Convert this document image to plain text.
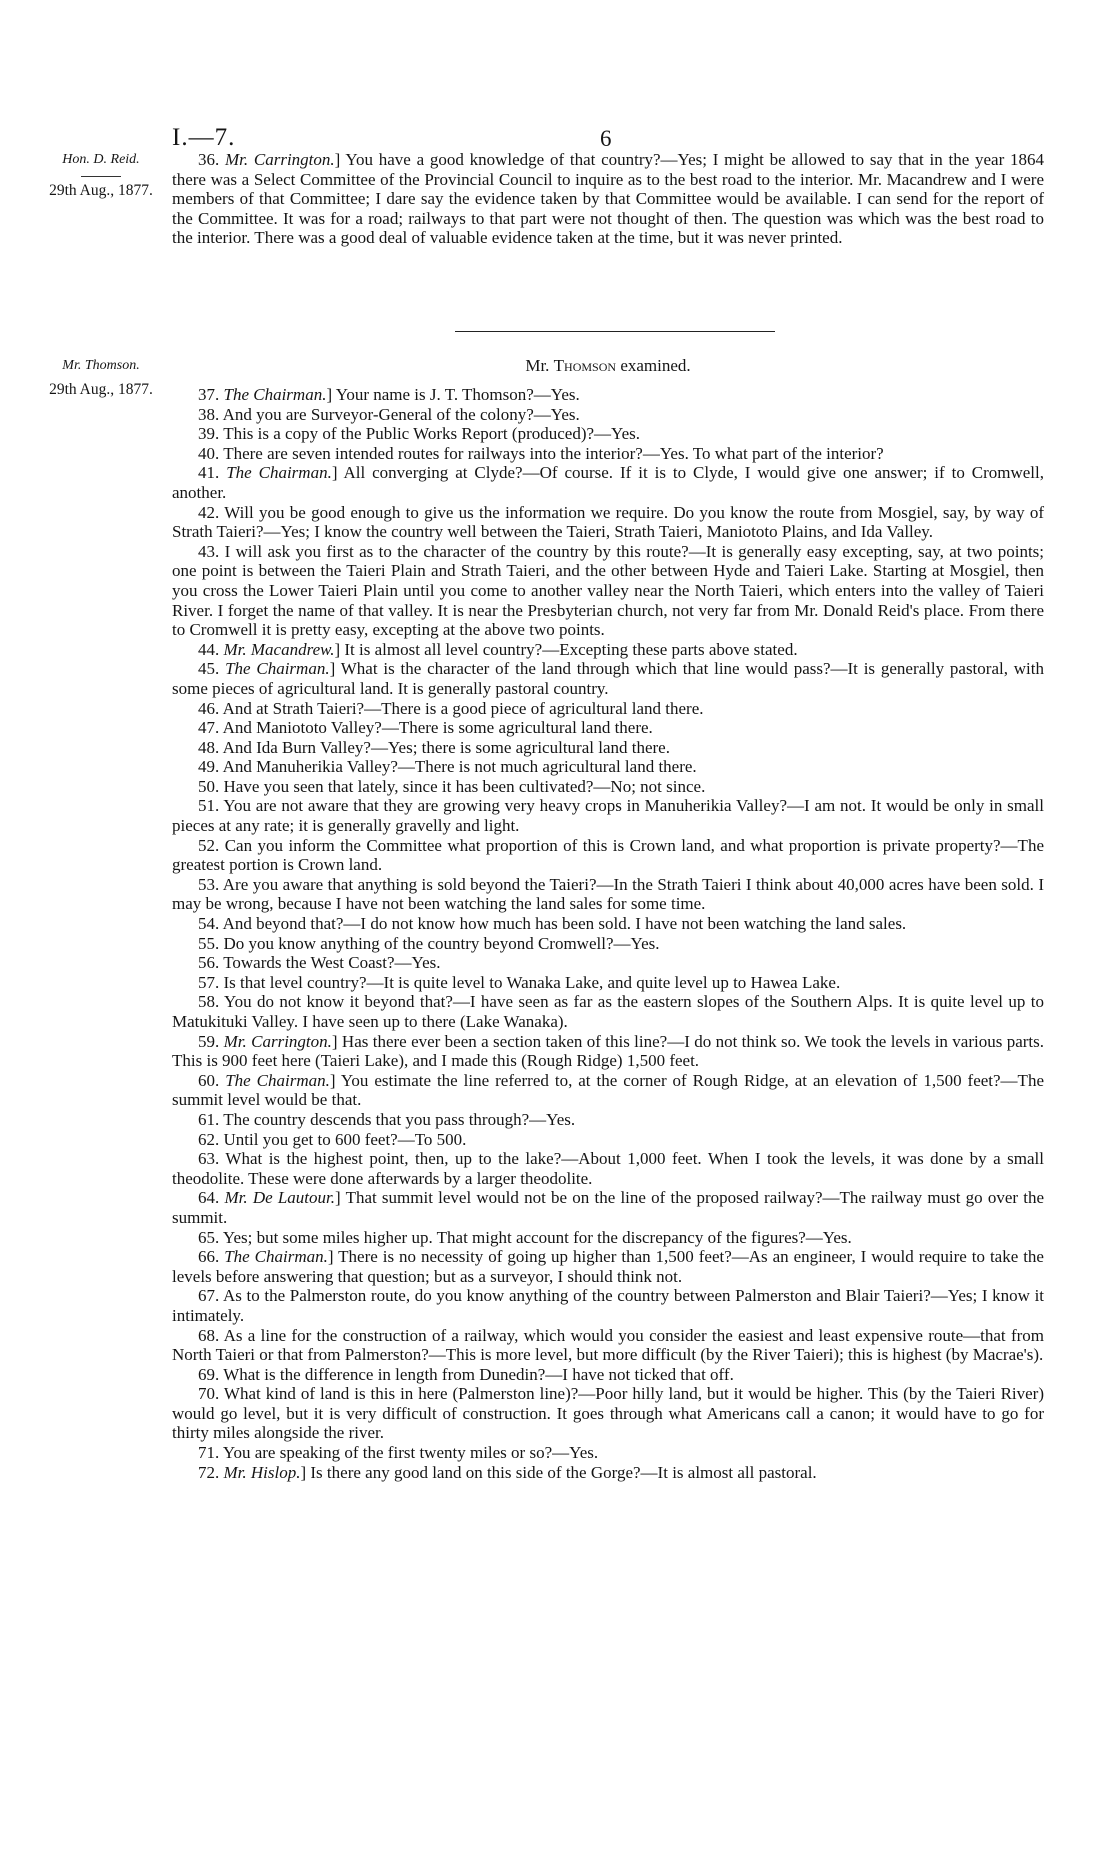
I.—7.	6
Hon. D. Reid.
29th Aug., 1877.

36. Mr. Carrington.] You have a good knowledge of that country?—Yes; I might be allowed to say that in the year 1864 there was a Select Committee of the Provincial Council to inquire as to the best road to the interior. Mr. Macandrew and I were members of that Committee; I dare say the evidence taken by that Committee would be available. I can send for the report of the Committee. It was for a road; railways to that part were not thought of then. The question was which was the best road to the interior. There was a good deal of valuable evidence taken at the time, but it was never printed.

Mr. Thomson.
29th Aug., 1877.
Mr. Thomson examined.

37. The Chairman.] Your name is J. T. Thomson?—Yes.

38. And you are Surveyor-General of the colony?—Yes.

39. This is a copy of the Public Works Report (produced)?—Yes.

40. There are seven intended routes for railways into the interior?—Yes. To what part of the interior?

41. The Chairman.] All converging at Clyde?—Of course. If it is to Clyde, I would give one answer; if to Cromwell, another.

42. Will you be good enough to give us the information we require. Do you know the route from Mosgiel, say, by way of Strath Taieri?—Yes; I know the country well between the Taieri, Strath Taieri, Maniototo Plains, and Ida Valley.

43. I will ask you first as to the character of the country by this route?—It is generally easy excepting, say, at two points; one point is between the Taieri Plain and Strath Taieri, and the other between Hyde and Taieri Lake. Starting at Mosgiel, then you cross the Lower Taieri Plain until you come to another valley near the North Taieri, which enters into the valley of Taieri River. I forget the name of that valley. It is near the Presbyterian church, not very far from Mr. Donald Reid's place. From there to Cromwell it is pretty easy, excepting at the above two points.

44. Mr. Macandrew.] It is almost all level country?—Excepting these parts above stated.

45. The Chairman.] What is the character of the land through which that line would pass?—It is generally pastoral, with some pieces of agricultural land. It is generally pastoral country.

46. And at Strath Taieri?—There is a good piece of agricultural land there.

47. And Maniototo Valley?—There is some agricultural land there.

48. And Ida Burn Valley?—Yes; there is some agricultural land there.

49. And Manuherikia Valley?—There is not much agricultural land there.

50. Have you seen that lately, since it has been cultivated?—No; not since.

51. You are not aware that they are growing very heavy crops in Manuherikia Valley?—I am not. It would be only in small pieces at any rate; it is generally gravelly and light.

52. Can you inform the Committee what proportion of this is Crown land, and what proportion is private property?—The greatest portion is Crown land.

53. Are you aware that anything is sold beyond the Taieri?—In the Strath Taieri I think about 40,000 acres have been sold. I may be wrong, because I have not been watching the land sales for some time.

54. And beyond that?—I do not know how much has been sold. I have not been watching the land sales.

55. Do you know anything of the country beyond Cromwell?—Yes.

56. Towards the West Coast?—Yes.

57. Is that level country?—It is quite level to Wanaka Lake, and quite level up to Hawea Lake.

58. You do not know it beyond that?—I have seen as far as the eastern slopes of the Southern Alps. It is quite level up to Matukituki Valley. I have seen up to there (Lake Wanaka).

59. Mr. Carrington.] Has there ever been a section taken of this line?—I do not think so. We took the levels in various parts. This is 900 feet here (Taieri Lake), and I made this (Rough Ridge) 1,500 feet.

60. The Chairman.] You estimate the line referred to, at the corner of Rough Ridge, at an elevation of 1,500 feet?—The summit level would be that.

61. The country descends that you pass through?—Yes.

62. Until you get to 600 feet?—To 500.

63. What is the highest point, then, up to the lake?—About 1,000 feet. When I took the levels, it was done by a small theodolite. These were done afterwards by a larger theodolite.

64. Mr. De Lautour.] That summit level would not be on the line of the proposed railway?—The railway must go over the summit.

65. Yes; but some miles higher up. That might account for the discrepancy of the figures?—Yes.

66. The Chairman.] There is no necessity of going up higher than 1,500 feet?—As an engineer, I would require to take the levels before answering that question; but as a surveyor, I should think not.

67. As to the Palmerston route, do you know anything of the country between Palmerston and Blair Taieri?—Yes; I know it intimately.

68. As a line for the construction of a railway, which would you consider the easiest and least expensive route—that from North Taieri or that from Palmerston?—This is more level, but more difficult (by the River Taieri); this is highest (by Macrae's).

69. What is the difference in length from Dunedin?—I have not ticked that off.

70. What kind of land is this in here (Palmerston line)?—Poor hilly land, but it would be higher. This (by the Taieri River) would go level, but it is very difficult of construction. It goes through what Americans call a canon; it would have to go for thirty miles alongside the river.

71. You are speaking of the first twenty miles or so?—Yes.

72. Mr. Hislop.] Is there any good land on this side of the Gorge?—It is almost all pastoral.
